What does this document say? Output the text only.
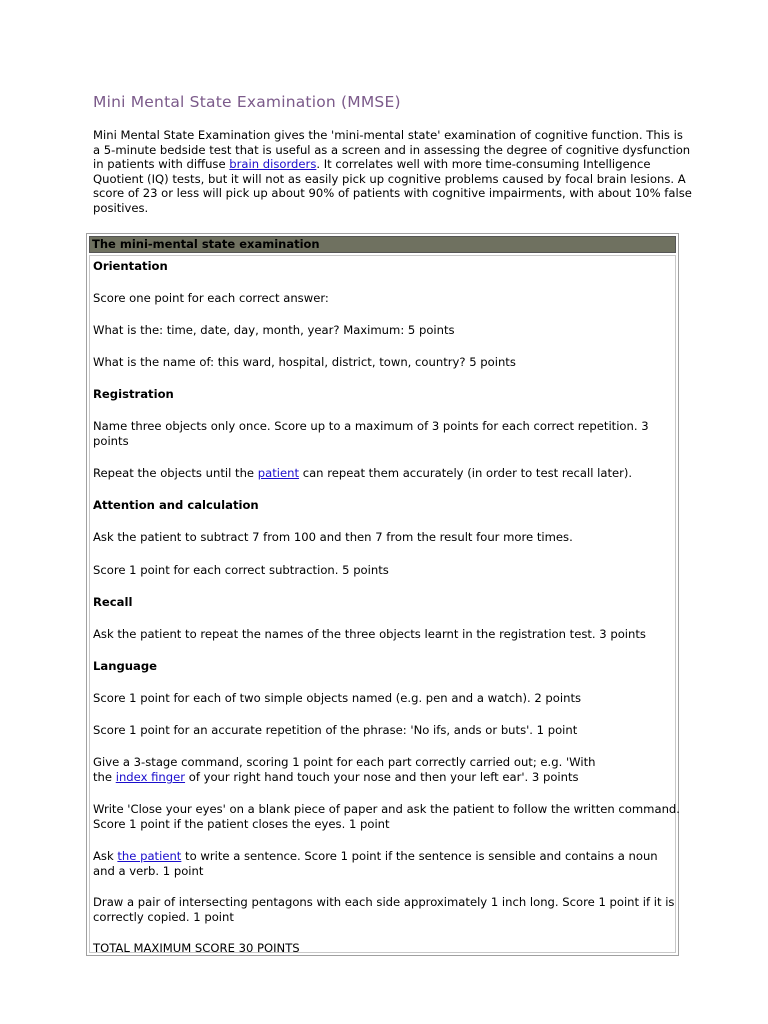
Mini Mental State Examination (MMSE)

Mini Mental State Examination gives the 'mini-mental state' examination of cognitive function. This is a 5-minute bedside test that is useful as a screen and in assessing the degree of cognitive dysfunction in patients with diffuse brain disorders. It correlates well with more time-consuming Intelligence Quotient (IQ) tests, but it will not as easily pick up cognitive problems caused by focal brain lesions. A score of 23 or less will pick up about 90% of patients with cognitive impairments, with about 10% false positives.

The mini-mental state examination

Orientation

Score one point for each correct answer:

What is the: time, date, day, month, year? Maximum: 5 points

What is the name of: this ward, hospital, district, town, country? 5 points

Registration

Name three objects only once. Score up to a maximum of 3 points for each correct repetition. 3 points

Repeat the objects until the patient can repeat them accurately (in order to test recall later).

Attention and calculation

Ask the patient to subtract 7 from 100 and then 7 from the result four more times.

Score 1 point for each correct subtraction. 5 points

Recall

Ask the patient to repeat the names of the three objects learnt in the registration test. 3 points

Language

Score 1 point for each of two simple objects named (e.g. pen and a watch). 2 points

Score 1 point for an accurate repetition of the phrase: 'No ifs, ands or buts'. 1 point

Give a 3-stage command, scoring 1 point for each part correctly carried out; e.g. 'With

the index finger of your right hand touch your nose and then your left ear'. 3 points

Write 'Close your eyes' on a blank piece of paper and ask the patient to follow the written command. Score 1 point if the patient closes the eyes. 1 point

Ask the patient to write a sentence. Score 1 point if the sentence is sensible and contains a noun and a verb. 1 point

Draw a pair of intersecting pentagons with each side approximately 1 inch long. Score 1 point if it is correctly copied. 1 point

TOTAL MAXIMUM SCORE 30 POINTS
